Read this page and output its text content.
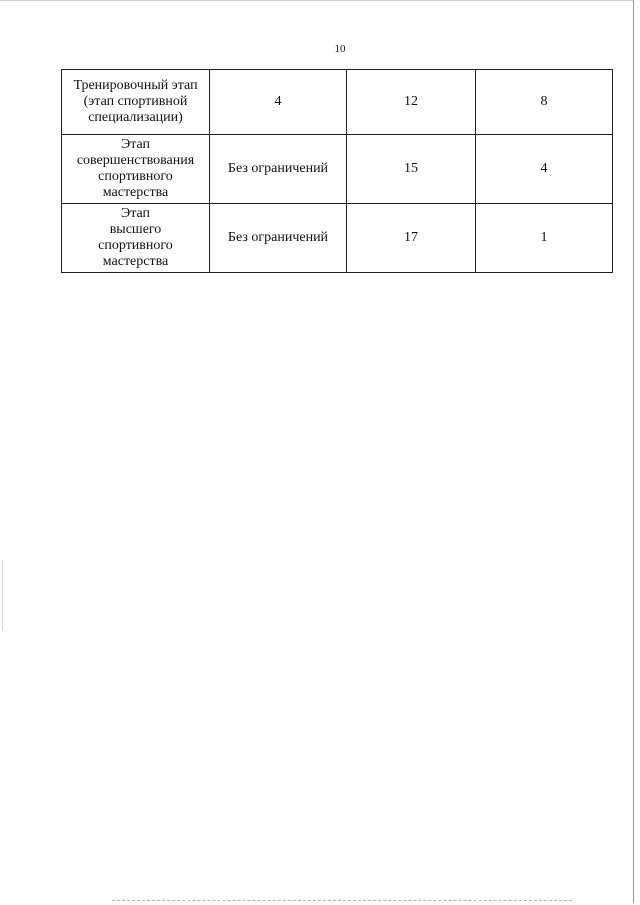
10
Тренировочный этап
(этап спортивной
специализации)	4	12	8

Этап
совершенствования
спортивного
мастерства	Без ограничений	15	4

Этап
высшего
спортивного
мастерства	Без ограничений	17	1
